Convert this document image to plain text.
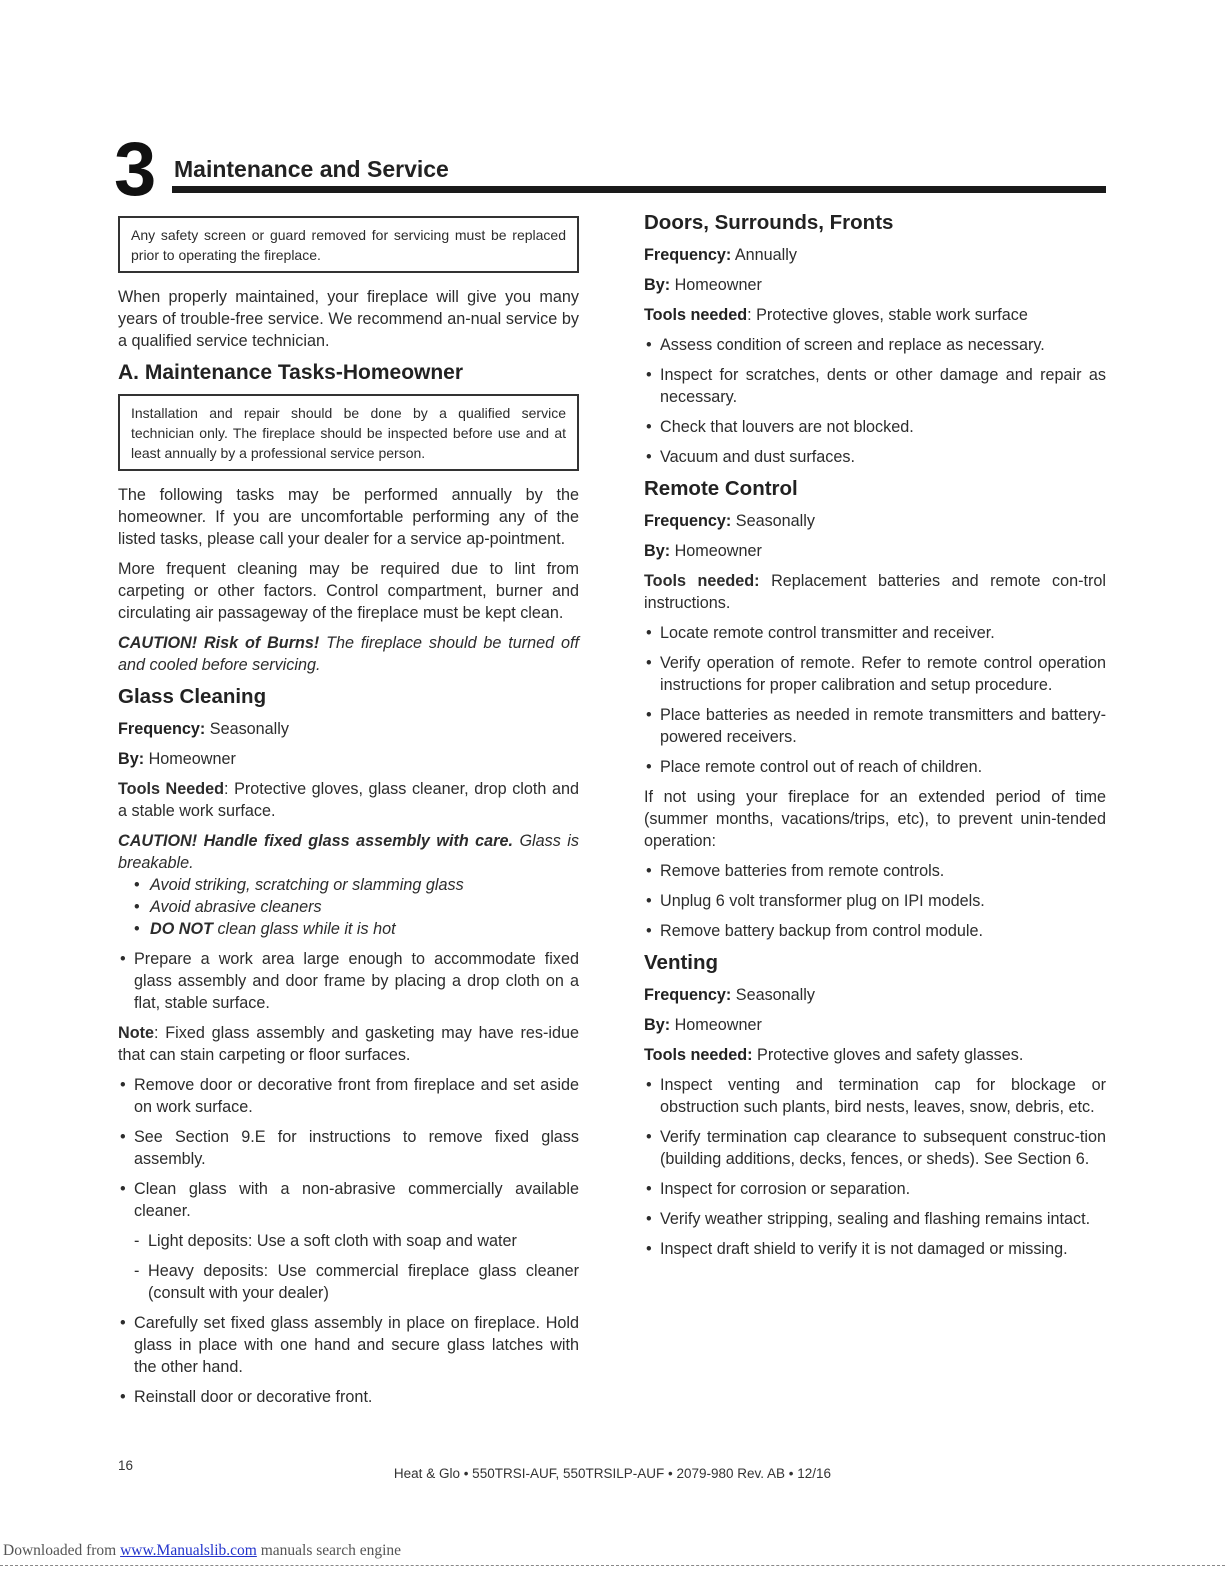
3 Maintenance and Service
Any safety screen or guard removed for servicing must be replaced prior to operating the fireplace.

When properly maintained, your fireplace will give you many years of trouble-free service. We recommend an-nual service by a qualified service technician.

A. Maintenance Tasks-Homeowner
Installation and repair should be done by a qualified service technician only. The fireplace should be inspected before use and at least annually by a professional service person.

The following tasks may be performed annually by the homeowner. If you are uncomfortable performing any of the listed tasks, please call your dealer for a service ap-pointment.

More frequent cleaning may be required due to lint from carpeting or other factors. Control compartment, burner and circulating air passageway of the fireplace must be kept clean.

CAUTION! Risk of Burns! The fireplace should be turned off and cooled before servicing.

Glass Cleaning
Frequency: Seasonally
By: Homeowner

Tools Needed: Protective gloves, glass cleaner, drop cloth and a stable work surface.

CAUTION! Handle fixed glass assembly with care. Glass is breakable.

• Avoid striking, scratching or slamming glass
• Avoid abrasive cleaners
• DO NOT clean glass while it is hot
• Prepare a work area large enough to accommodate fixed glass assembly and door frame by placing a drop cloth on a flat, stable surface.

Note: Fixed glass assembly and gasketing may have res-idue that can stain carpeting or floor surfaces.

• Remove door or decorative front from fireplace and set aside on work surface.
• See Section 9.E for instructions to remove fixed glass assembly.
• Clean glass with a non-abrasive commercially available cleaner.
- Light deposits: Use a soft cloth with soap and water
- Heavy deposits: Use commercial fireplace glass cleaner (consult with your dealer)
• Carefully set fixed glass assembly in place on fireplace. Hold glass in place with one hand and secure glass latches with the other hand.
• Reinstall door or decorative front.
Doors, Surrounds, Fronts
Frequency: Annually
By: Homeowner
Tools needed: Protective gloves, stable work surface
• Assess condition of screen and replace as necessary.
• Inspect for scratches, dents or other damage and repair as necessary.
• Check that louvers are not blocked.
• Vacuum and dust surfaces.
Remote Control
Frequency: Seasonally
By: Homeowner

Tools needed: Replacement batteries and remote con-trol instructions.

• Locate remote control transmitter and receiver.
• Verify operation of remote. Refer to remote control operation instructions for proper calibration and setup procedure.
• Place batteries as needed in remote transmitters and battery-powered receivers.
• Place remote control out of reach of children.

If not using your fireplace for an extended period of time (summer months, vacations/trips, etc), to prevent unin-tended operation:

• Remove batteries from remote controls.
• Unplug 6 volt transformer plug on IPI models.
• Remove battery backup from control module.
Venting
Frequency: Seasonally
By: Homeowner
Tools needed: Protective gloves and safety glasses.
• Inspect venting and termination cap for blockage or obstruction such plants, bird nests, leaves, snow, debris, etc.
• Verify termination cap clearance to subsequent construc-tion (building additions, decks, fences, or sheds). See Section 6.
• Inspect for corrosion or separation.
• Verify weather stripping, sealing and flashing remains intact.
• Inspect draft shield to verify it is not damaged or missing.
16
Heat & Glo • 550TRSI-AUF, 550TRSILP-AUF • 2079-980 Rev. AB • 12/16
Downloaded from www.Manualslib.com manuals search engine
